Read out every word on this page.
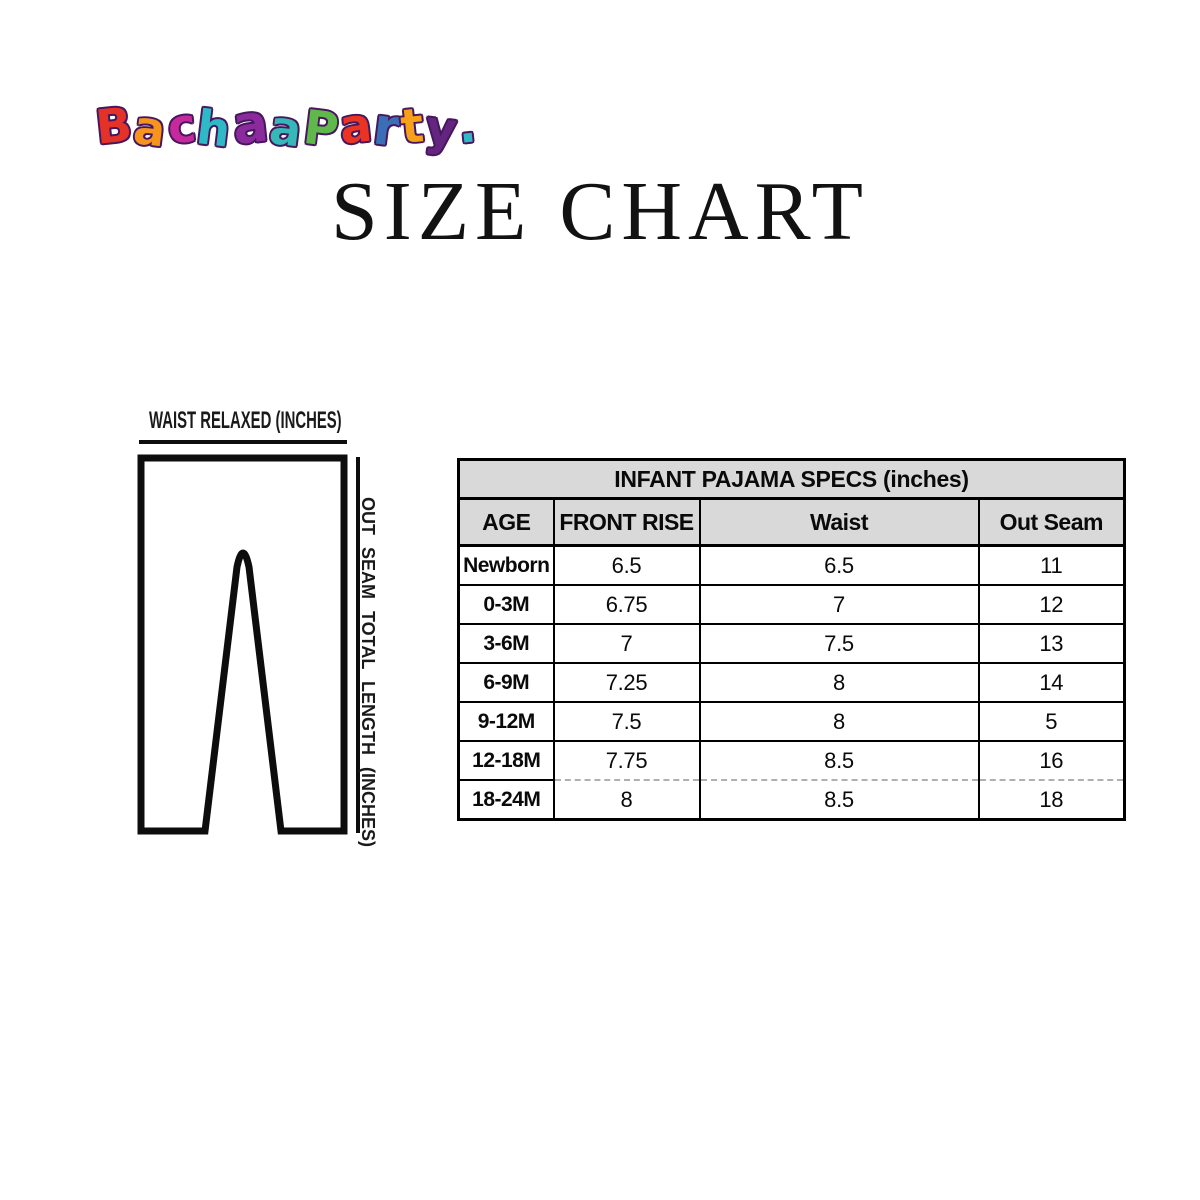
BachaaParty.
SIZE CHART
WAIST RELAXED (INCHES)
OUT SEAM TOTAL LENGTH (INCHES)
INFANT PAJAMA SPECS (inches)			
AGE	FRONT RISE	Waist	Out Seam
Newborn	6.5	6.5	11
0-3M	6.75	7	12
3-6M	7	7.5	13
6-9M	7.25	8	14
9-12M	7.5	8	5
12-18M	7.75	8.5	16
18-24M	8	8.5	18
